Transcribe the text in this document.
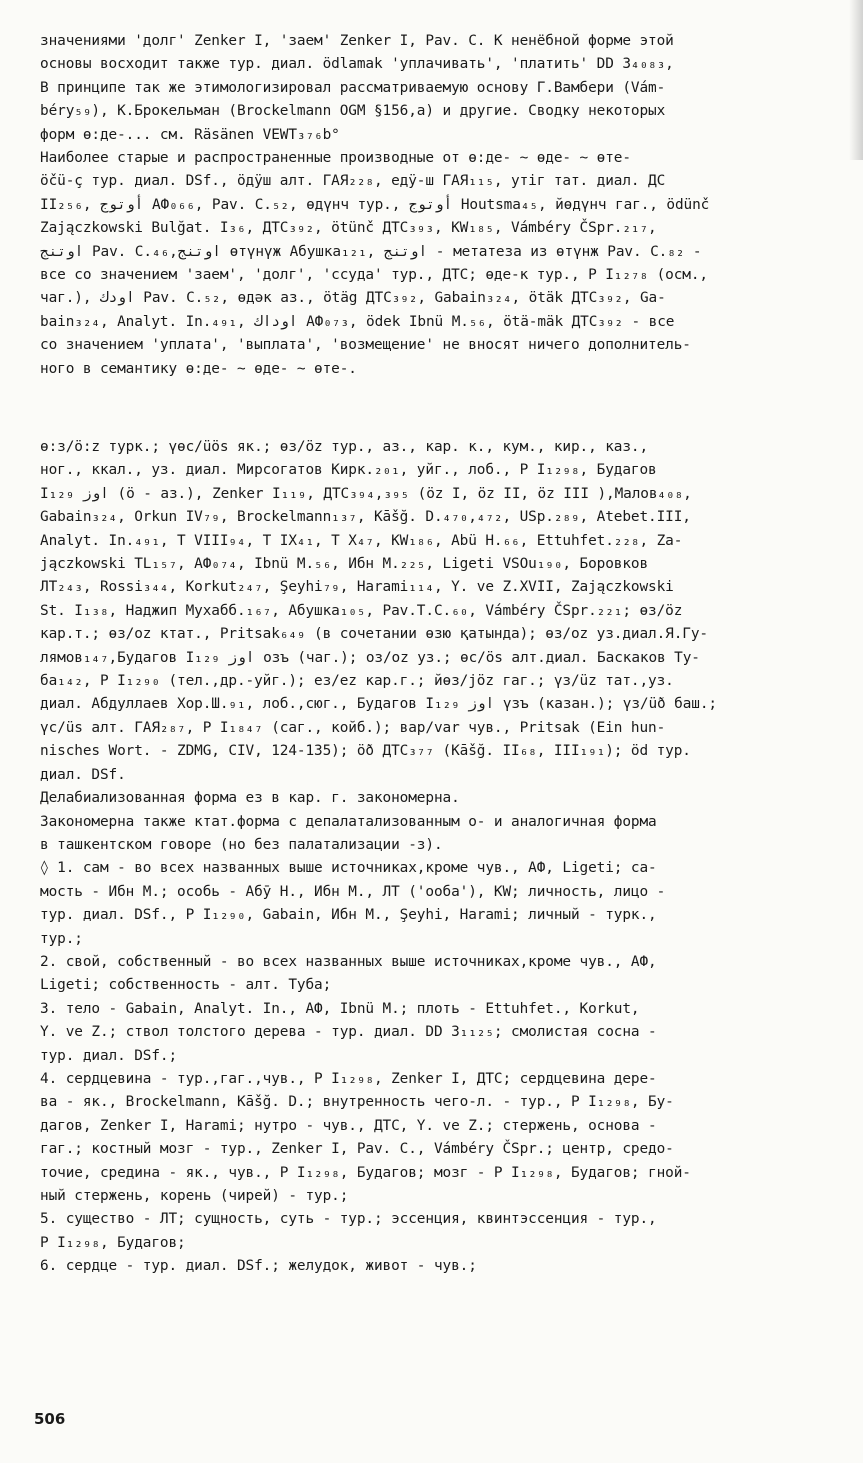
значениями 'долг' Zenker I, 'заем' Zenker I, Pav. C. К ненёбной форме этой
основы восходит также тур. диал. ödlamak 'уплачивать', 'платить' DD 3₄₀₈₃,
В принципе так же этимологизировал рассматриваемую основу Г.Вамбери (Vám-
béry₅₉), К.Брокельман (Brockelmann OGM §156,a) и другие. Сводку некоторых
форм ө:де-... см. Räsänen VEWT₃₇₆b°
Наиболее старые и распространенные производные от ө:де- ~ өде- ~ өте-
öčü-ç тур. диал. DSf., öдÿш алт. ГАЯ₂₂₈, едÿ-ш ГАЯ₁₁₅, утіг тат. диал. ДС
II₂₅₆, أوتوج АФ₀₆₆, Pav. C.₅₂, өдүнч тур., أوتوج Houtsma₄₅, йөдүнч гаг., ödünč
Zajączkowski Bulğat. I₃₆, ДТС₃₉₂, ötünč ДТС₃₉₃, KW₁₈₅, Vámbéry ČSpr.₂₁₇,
اوتنج Pav. C.₄₆,اوتنج өтүнүж Абушка₁₂₁, اوتنج - метатеза из өтүнж Pav. C.₈₂ -
все со значением 'заем', 'долг', 'ссуда' тур., ДТС; өде-к тур., Р I₁₂₇₈ (осм.,
чаг.), اودك Pav. C.₅₂, өдәк аз., ötäg ДТС₃₉₂, Gabain₃₂₄, ötäk ДТС₃₉₂, Ga-
bain₃₂₄, Analyt. In.₄₉₁, اوداك АФ₀₇₃, ödek Ibnü M.₅₆, ötä-mäk ДТС₃₉₂ - все
со значением 'уплата', 'выплата', 'возмещение' не вносят ничего дополнитель-
ного в семантику ө:де- ~ өде- ~ өте-.
ө:з/ö:z турк.; үөс/üös як.; өз/öz тур., аз., кар. к., кум., кир., каз.,
ног., ккал., уз. диал. Мирсогатов Кирк.₂₀₁, уйг., лоб., Р I₁₂₉₈, Будагов
I₁₂₉ اوز (ö - аз.), Zenker I₁₁₉, ДТС₃₉₄,₃₉₅ (öz I, öz II, öz III ),Малов₄₀₈,
Gabain₃₂₄, Orkun IV₇₉, Brockelmann₁₃₇, Kāšğ. D.₄₇₀,₄₇₂, USp.₂₈₉, Atebet.III,
Analyt. In.₄₉₁, T VIII₉₄, T IX₄₁, T X₄₇, KW₁₈₆, Abü H.₆₆, Ettuhfet.₂₂₈, Za-
jączkowski TL₁₅₇, АФ₀₇₄, Ibnü M.₅₆, Ибн M.₂₂₅, Ligeti VSOu₁₉₀, Боровков
ЛТ₂₄₃, Rossi₃₄₄, Korkut₂₄₇, Şeyhi₇₉, Harami₁₁₄, Y. ve Z.XVII, Zajączkowski
St. I₁₃₈, Наджип Мухабб.₁₆₇, Абушка₁₀₅, Pav.T.C.₆₀, Vámbéry ČSpr.₂₂₁; өз/öz
кар.т.; өз/oz ктат., Pritsak₆₄₉ (в сочетании өзю қатында); өз/oz уз.диал.Я.Гу-
лямов₁₄₇,Будагов I₁₂₉ اوز озъ (чаг.); оз/oz уз.; өс/ös алт.диал. Баскаков Ту-
ба₁₄₂, Р I₁₂₉₀ (тел.,др.-уйг.); ез/ez кар.г.; йөз/jöz гаг.; үз/üz тат.,уз.
диал. Абдуллаев Хор.Ш.₉₁, лоб.,сюг., Будагов I₁₂₉ اوز үзъ (казан.); үз/üð баш.;
үс/üs алт. ГАЯ₂₈₇, Р I₁₈₄₇ (саг., койб.); вар/var чув., Pritsak (Ein hun-
nisches Wort. - ZDMG, CIV, 124-135); öð ДТС₃₇₇ (Kāšğ. II₆₈, III₁₉₁); öd тур.
диал. DSf.
Делабиализованная форма ез в кар. г. закономерна.
Закономерна также ктат.форма с депалатализованным о- и аналогичная форма
в ташкентском говоре (но без палатализации -з).
◊ 1. сам - во всех названных выше источниках,кроме чув., АФ, Ligeti; са-
мость - Ибн М.; особь - Абӯ Н., Ибн М., ЛТ ('ооба'), KW; личность, лицо -
тур. диал. DSf., Р I₁₂₉₀, Gabain, Ибн М., Şeyhi, Harami; личный - турк.,
тур.;
2. свой, собственный - во всех названных выше источниках,кроме чув., АФ,
Ligeti; собственность - алт. Туба;
3. тело - Gabain, Analyt. In., АФ, Ibnü M.; плоть - Ettuhfet., Korkut,
Y. ve Z.; ствол толстого дерева - тур. диал. DD 3₁₁₂₅; смолистая сосна -
тур. диал. DSf.;
4. сердцевина - тур.,гаг.,чув., Р I₁₂₉₈, Zenker I, ДТС; сердцевина дере-
ва - як., Brockelmann, Kāšğ. D.; внутренность чего-л. - тур., Р I₁₂₉₈, Бу-
дагов, Zenker I, Harami; нутро - чув., ДТС, Y. ve Z.; стержень, основа -
гаг.; костный мозг - тур., Zenker I, Pav. C., Vámbéry ČSpr.; центр, средо-
точие, средина - як., чув., Р I₁₂₉₈, Будагов; мозг - Р I₁₂₉₈, Будагов; гной-
ный стержень, корень (чирей) - тур.;
5. существо - ЛТ; сущность, суть - тур.; эссенция, квинтэссенция - тур.,
Р I₁₂₉₈, Будагов;
6. сердце - тур. диал. DSf.; желудок, живот - чув.;
506
